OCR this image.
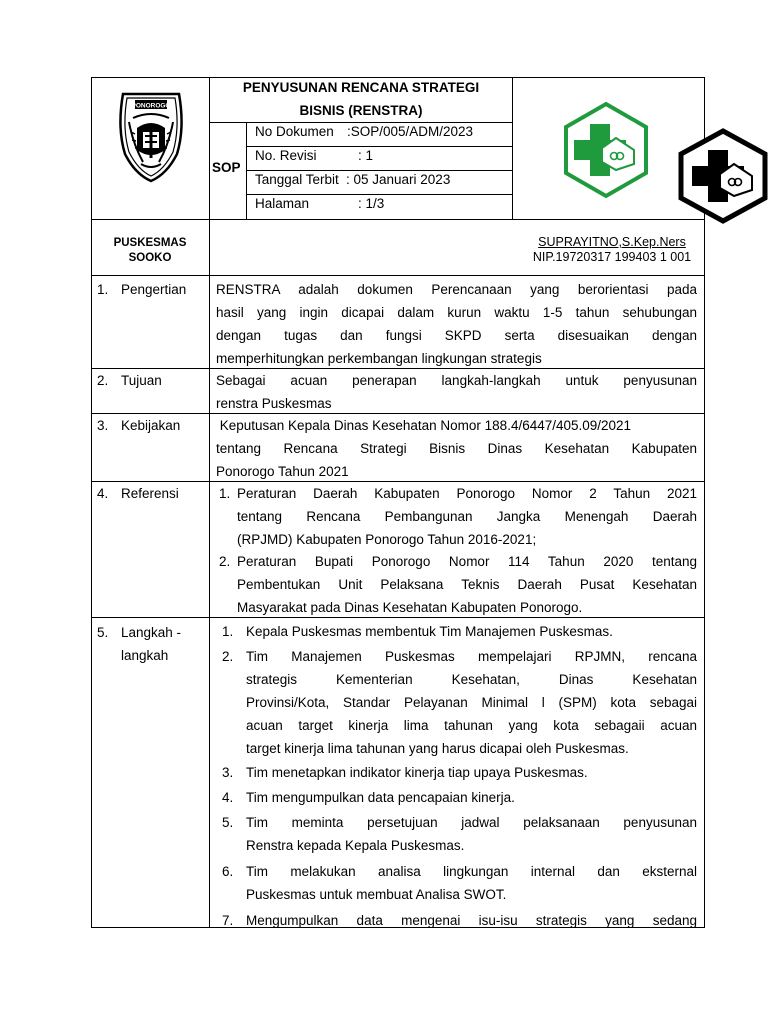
PONOROGO
PENYUSUNAN RENCANA STRATEGI
BISNIS (RENSTRA)
SOP
No Dokumen :SOP/005/ADM/2023
No. Revisi	: 1
Tanggal Terbit : 05 Januari 2023
Halaman	: 1/3
PUSKESMAS
SOOKO
SUPRAYITNO,S.Kep.Ners
NIP.19720317 199403 1 001
1. Pengertian
2. Tujuan
3. Kebijakan
4. Referensi
5. Langkah -
langkah
RENSTRA adalah dokumen Perencanaan yang berorientasi pada
hasil yang ingin dicapai dalam kurun waktu 1-5 tahun sehubungan
dengan tugas dan fungsi SKPD serta disesuaikan dengan
memperhitungkan perkembangan lingkungan strategis
Sebagai acuan penerapan langkah-langkah untuk penyusunan
renstra Puskesmas
Keputusan Kepala Dinas Kesehatan Nomor 188.4/6447/405.09/2021
tentang Rencana Strategi Bisnis Dinas Kesehatan Kabupaten
Ponorogo Tahun 2021
1. Peraturan Daerah Kabupaten Ponorogo Nomor 2 Tahun 2021
tentang Rencana Pembangunan Jangka Menengah Daerah
(RPJMD) Kabupaten Ponorogo Tahun 2016-2021;
2. Peraturan Bupati Ponorogo Nomor 114 Tahun 2020 tentang
Pembentukan Unit Pelaksana Teknis Daerah Pusat Kesehatan
Masyarakat pada Dinas Kesehatan Kabupaten Ponorogo.
1. Kepala Puskesmas membentuk Tim Manajemen Puskesmas.
2. Tim Manajemen Puskesmas mempelajari RPJMN, rencana
strategis Kementerian Kesehatan, Dinas Kesehatan
Provinsi/Kota, Standar Pelayanan Minimal l (SPM) kota sebagai
acuan target kinerja lima tahunan yang kota sebagaii acuan
target kinerja lima tahunan yang harus dicapai oleh Puskesmas.
3. Tim menetapkan indikator kinerja tiap upaya Puskesmas.
4. Tim mengumpulkan data pencapaian kinerja.
5. Tim meminta persetujuan jadwal pelaksanaan penyusunan
Renstra kepada Kepala Puskesmas.
6. Tim melakukan analisa lingkungan internal dan eksternal
Puskesmas untuk membuat Analisa SWOT.
7. Mengumpulkan data mengenai isu-isu strategis yang sedang
